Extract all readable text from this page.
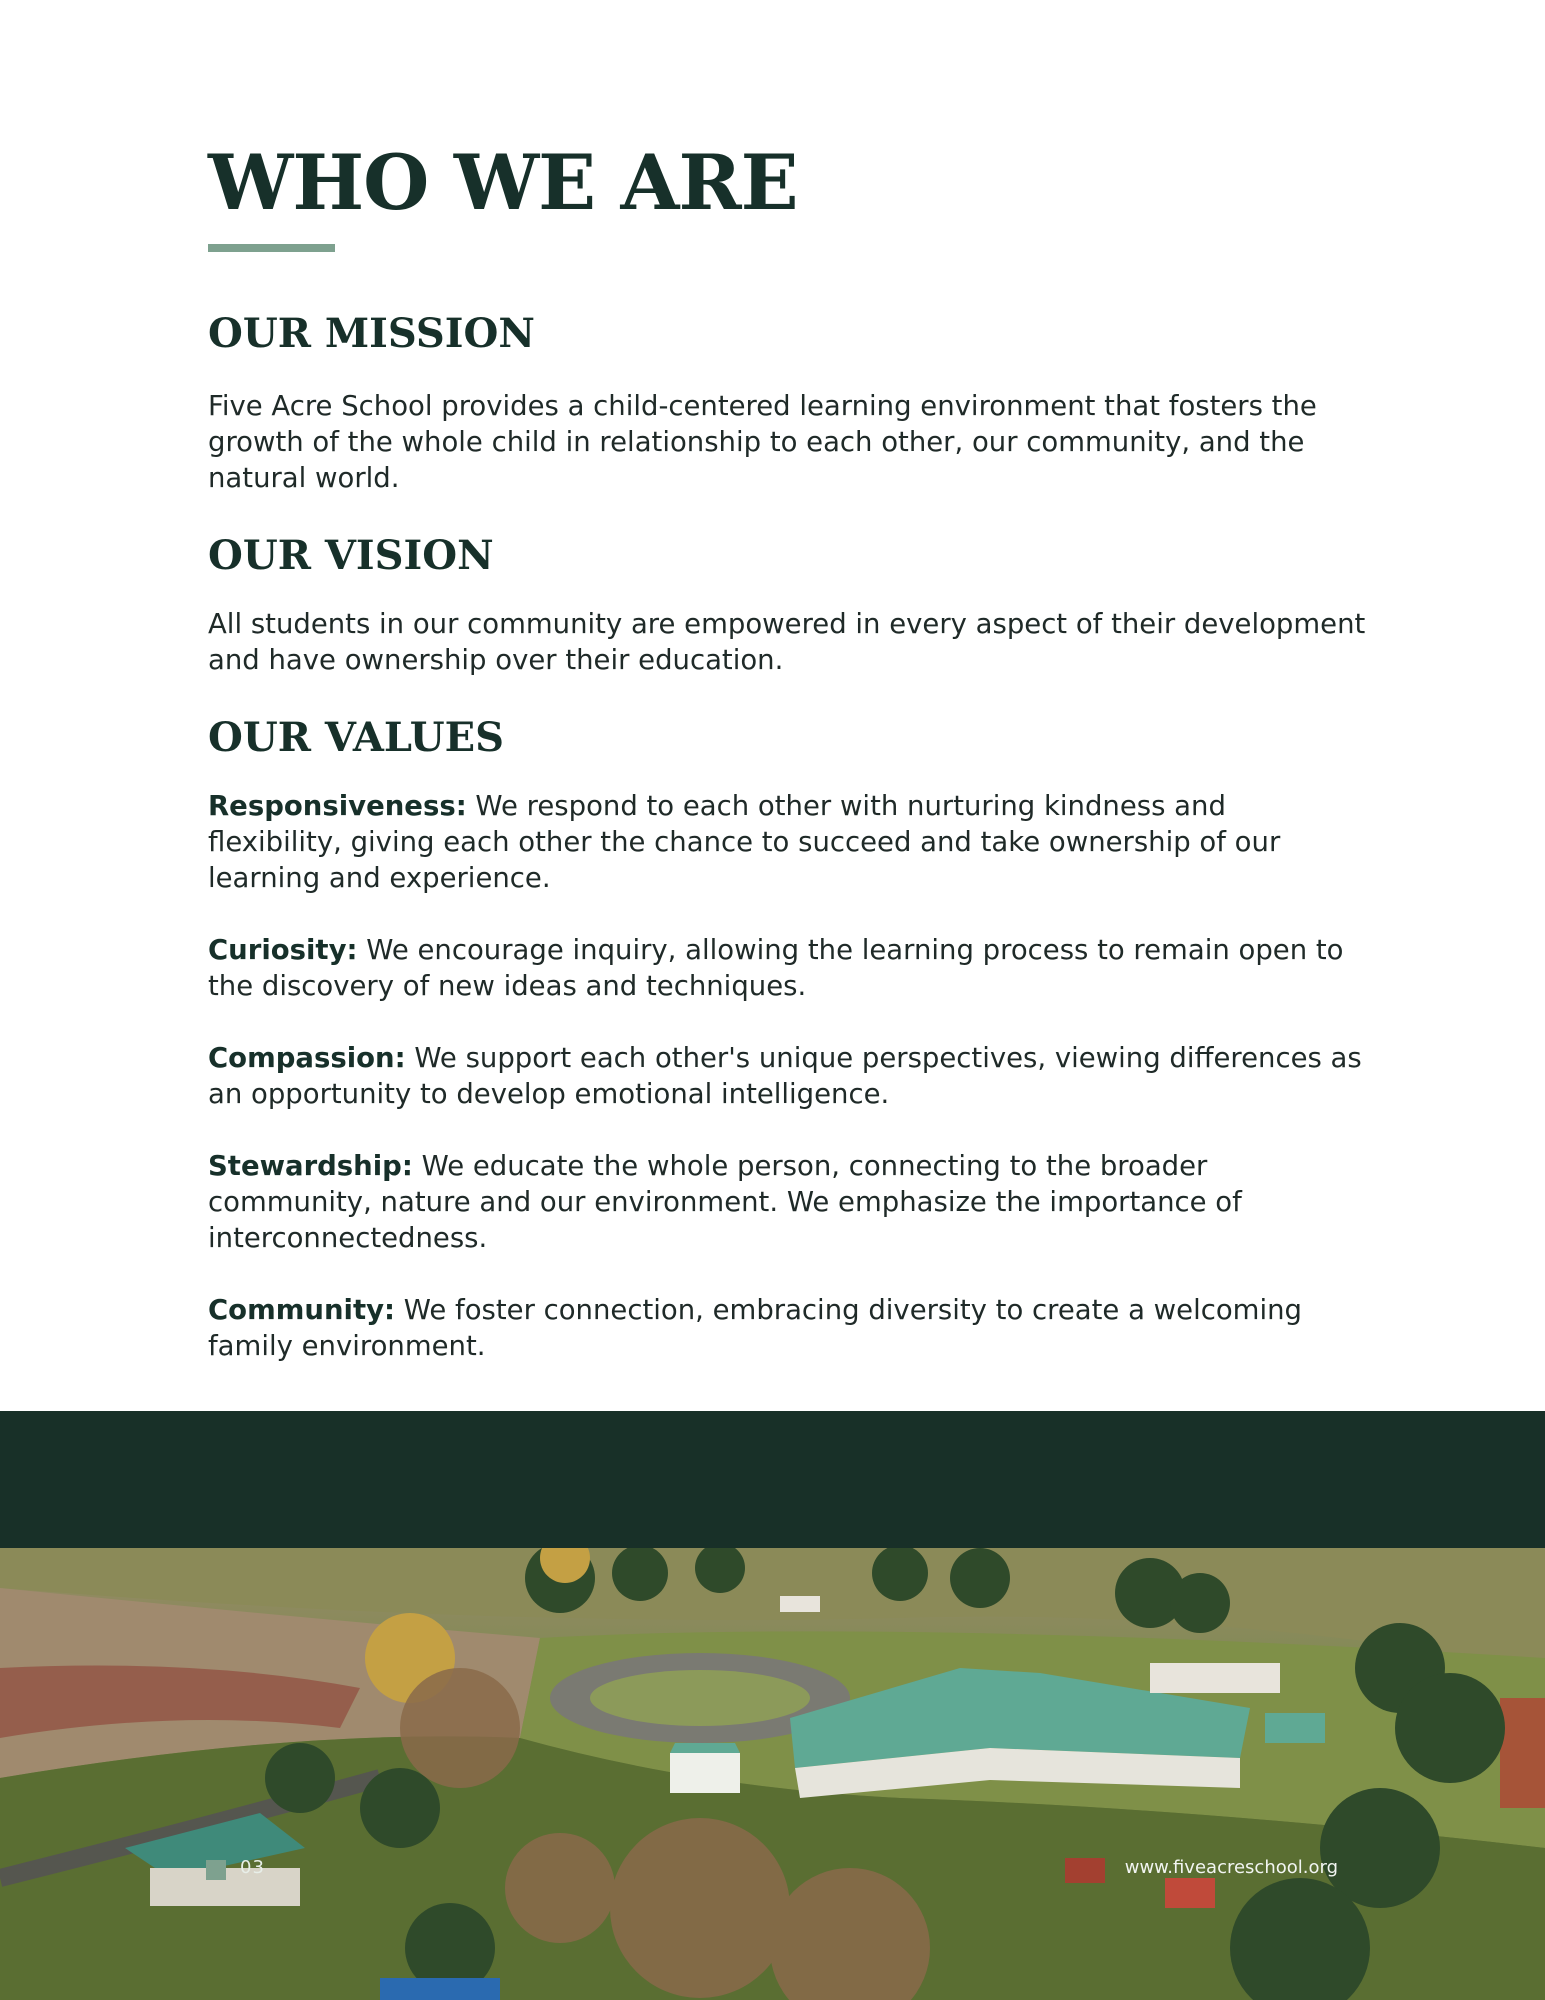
WHO WE ARE
OUR MISSION

Five Acre School provides a child-centered learning environment that fosters the growth of the whole child in relationship to each other, our community, and the natural world.

OUR VISION

All students in our community are empowered in every aspect of their development and have ownership over their education.

OUR VALUES

Responsiveness: We respond to each other with nurturing kindness and flexibility, giving each other the chance to succeed and take ownership of our learning and experience.

Curiosity: We encourage inquiry, allowing the learning process to remain open to the discovery of new ideas and techniques.

Compassion: We support each other's unique perspectives, viewing differences as an opportunity to develop emotional intelligence.

Stewardship: We educate the whole person, connecting to the broader community, nature and our environment. We emphasize the importance of interconnectedness.

Community: We foster connection, embracing diversity to create a welcoming family environment.

03	www.fiveacreschool.org
